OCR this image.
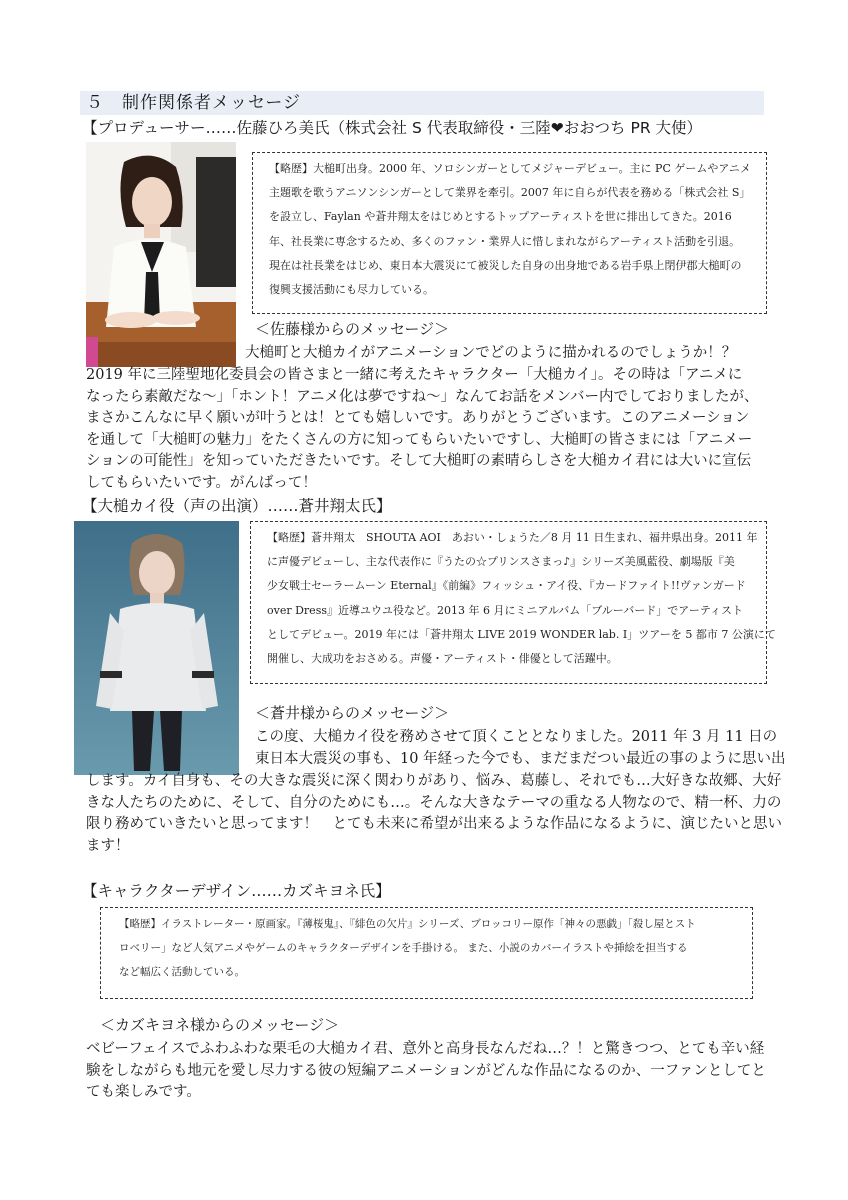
５　制作関係者メッセージ
【プロデューサー……佐藤ひろ美氏（株式会社 S 代表取締役・三陸❤おおつち PR 大使）
【略歴】大槌町出身。2000 年、ソロシンガーとしてメジャーデビュー。主に PC ゲームやアニメ
主題歌を歌うアニソンシンガーとして業界を牽引。2007 年に自らが代表を務める「株式会社 S」
を設立し、Faylan や蒼井翔太をはじめとするトップアーティストを世に排出してきた。2016
年、社長業に専念するため、多くのファン・業界人に惜しまれながらアーティスト活動を引退。
現在は社長業をはじめ、東日本大震災にて被災した自身の出身地である岩手県上閉伊郡大槌町の
復興支援活動にも尽力している。
＜佐藤様からのメッセージ＞
大槌町と大槌カイがアニメーションでどのように描かれるのでしょうか！？
2019 年に三陸聖地化委員会の皆さまと一緒に考えたキャラクター「大槌カイ」。その時は「アニメに
なったら素敵だな～」「ホント！アニメ化は夢ですね～」なんてお話をメンバー内でしておりましたが、
まさかこんなに早く願いが叶うとは！とても嬉しいです。ありがとうございます。このアニメーション
を通して「大槌町の魅力」をたくさんの方に知ってもらいたいですし、大槌町の皆さまには「アニメー
ションの可能性」を知っていただきたいです。そして大槌町の素晴らしさを大槌カイ君には大いに宣伝
してもらいたいです。がんばって！
【大槌カイ役（声の出演）……蒼井翔太氏】
【略歴】蒼井翔太　SHOUTA AOI　あおい・しょうた／8 月 11 日生まれ、福井県出身。2011 年
に声優デビューし、主な代表作に『うたの☆プリンスさまっ♪』シリーズ美風藍役、劇場版『美
少女戦士セーラームーン Eternal』《前編》フィッシュ・アイ役、『カードファイト!!ヴァンガード
over Dress』近導ユウユ役など。2013 年 6 月にミニアルバム「ブルーバード」でアーティスト
としてデビュー。2019 年には「蒼井翔太 LIVE 2019 WONDER lab. I」ツアーを 5 都市 7 公演にて
開催し、大成功をおさめる。声優・アーティスト・俳優として活躍中。
＜蒼井様からのメッセージ＞
この度、大槌カイ役を務めさせて頂くこととなりました。2011 年 3 月 11 日の
東日本大震災の事も、10 年経った今でも、まだまだつい最近の事のように思い出
します。カイ自身も、その大きな震災に深く関わりがあり、悩み、葛藤し、それでも…大好きな故郷、大好
きな人たちのために、そして、自分のためにも…。そんな大きなテーマの重なる人物なので、精一杯、力の
限り務めていきたいと思ってます！　とても未来に希望が出来るような作品になるように、演じたいと思い
ます！
【キャラクターデザイン……カズキヨネ氏】
【略歴】イラストレーター・原画家。『薄桜鬼』、『緋色の欠片』シリーズ、ブロッコリー原作「神々の悪戯」「殺し屋とスト
ロベリー」など人気アニメやゲームのキャラクターデザインを手掛ける。 また、小説のカバーイラストや挿絵を担当する
など幅広く活動している。
＜カズキヨネ様からのメッセージ＞
ベビーフェイスでふわふわな栗毛の大槌カイ君、意外と高身長なんだね…？！と驚きつつ、とても辛い経
験をしながらも地元を愛し尽力する彼の短編アニメーションがどんな作品になるのか、一ファンとしてと
ても楽しみです。
